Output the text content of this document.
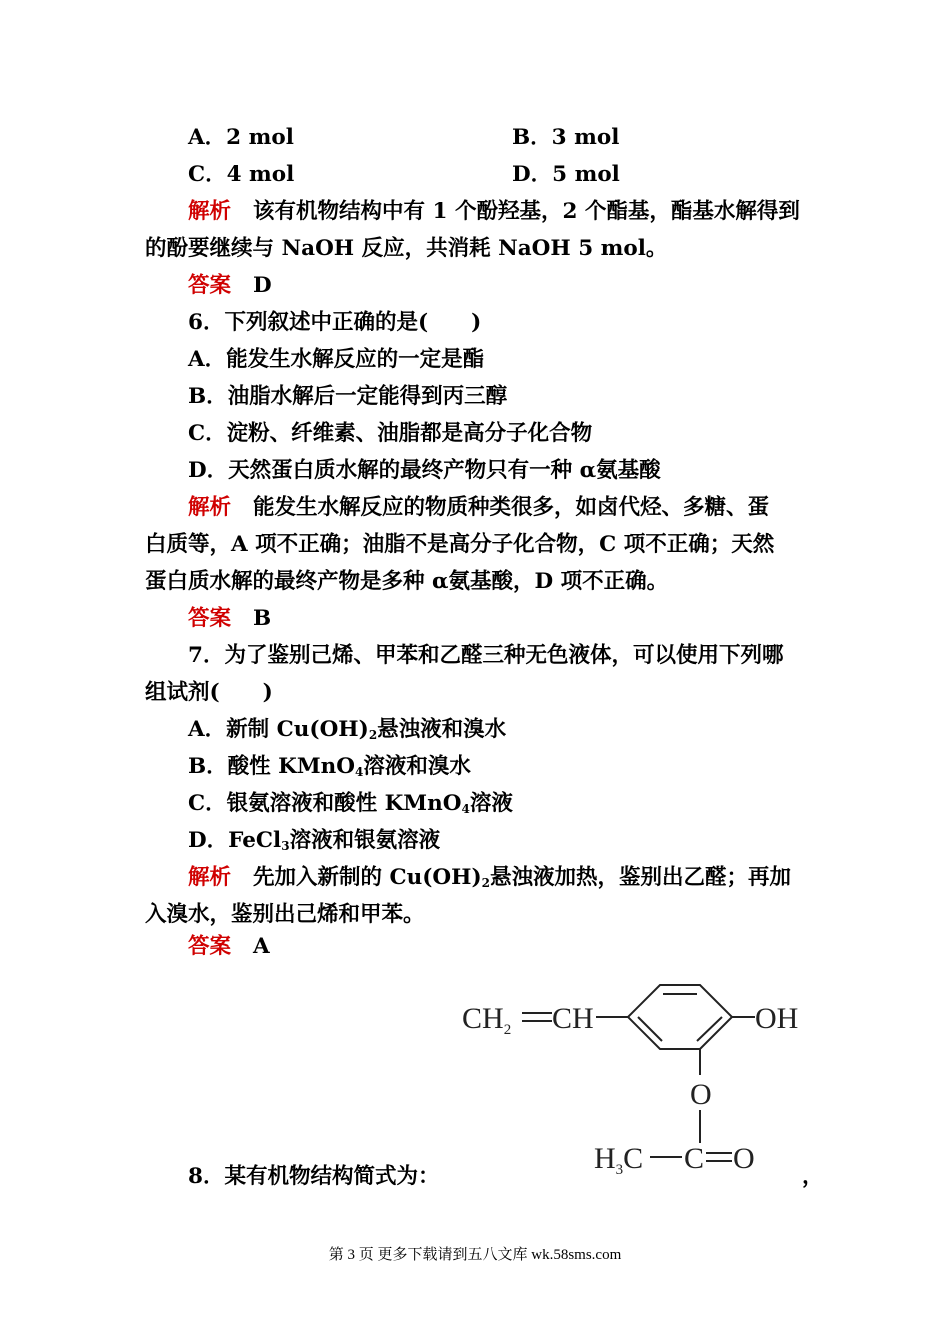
A．2 mol	B．3 mol
C．4 mol	D．5 mol
解析 该有机物结构中有 1 个酚羟基，2 个酯基，酯基水解得到
的酚要继续与 NaOH 反应，共消耗 NaOH 5 mol。
答案 D
6．下列叙述中正确的是(　　)
A．能发生水解反应的一定是酯
B．油脂水解后一定能得到丙三醇
C．淀粉、纤维素、油脂都是高分子化合物
D．天然蛋白质水解的最终产物只有一种 α氨基酸
解析 能发生水解反应的物质种类很多，如卤代烃、多糖、蛋
白质等，A 项不正确；油脂不是高分子化合物，C 项不正确；天然
蛋白质水解的最终产物是多种 α氨基酸，D 项不正确。
答案 B
7．为了鉴别己烯、甲苯和乙醛三种无色液体，可以使用下列哪
组试剂(　　)
A．新制 $Cu(OH)_2$悬浊液和溴水
B．酸性 KMnO$_4$溶液和溴水
C．银氨溶液和酸性 KMnO$_4$溶液
D．FeCl$_3$溶液和银氨溶液
解析 先加入新制的 $Cu(OH)_2$悬浊液加热，鉴别出乙醛；再加
入溴水，鉴别出己烯和甲苯。
答案 A
$CH_2$ CH	OH
O
$H_3C$ C O
8．某有机物结构简式为：	，
第 3 页 更多下载请到五八文库 wk.58sms.com
